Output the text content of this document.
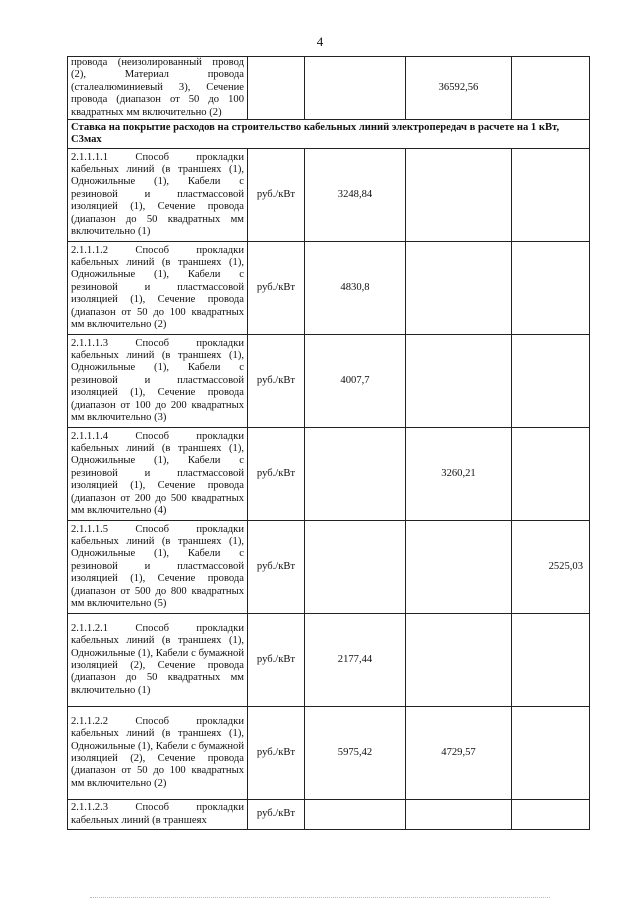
4
провода (неизолированный провод (2), Материал провода (сталеалюминиевый 3), Сечение провода (диапазон от 50 до 100 квадратных мм включительно (2)			36592,56	
Ставка на покрытие расходов на строительство кабельных линий электропередач в расчете на 1 кВт, С3мах				
2.1.1.1.1 Способ прокладки кабельных линий (в траншеях (1), Одножильные (1), Кабели с резиновой и пластмассовой изоляцией (1), Сечение провода (диапазон до 50 квадратных мм включительно (1)	руб./кВт	3248,84		
2.1.1.1.2 Способ прокладки кабельных линий (в траншеях (1), Одножильные (1), Кабели с резиновой и пластмассовой изоляцией (1), Сечение провода (диапазон от 50 до 100 квадратных мм включительно (2)	руб./кВт	4830,8		
2.1.1.1.3 Способ прокладки кабельных линий (в траншеях (1), Одножильные (1), Кабели с резиновой и пластмассовой изоляцией (1), Сечение провода (диапазон от 100 до 200 квадратных мм включительно (3)	руб./кВт	4007,7		
2.1.1.1.4 Способ прокладки кабельных линий (в траншеях (1), Одножильные (1), Кабели с резиновой и пластмассовой изоляцией (1), Сечение провода (диапазон от 200 до 500 квадратных мм включительно (4)	руб./кВт		3260,21	
2.1.1.1.5 Способ прокладки кабельных линий (в траншеях (1), Одножильные (1), Кабели с резиновой и пластмассовой изоляцией (1), Сечение провода (диапазон от 500 до 800 квадратных мм включительно (5)	руб./кВт			2525,03
2.1.1.2.1 Способ прокладки кабельных линий (в траншеях (1), Одножильные (1), Кабели с бумажной изоляцией (2), Сечение провода (диапазон до 50 квадратных мм включительно (1)	руб./кВт	2177,44		
2.1.1.2.2 Способ прокладки кабельных линий (в траншеях (1), Одножильные (1), Кабели с бумажной изоляцией (2), Сечение провода (диапазон от 50 до 100 квадратных мм включительно (2)	руб./кВт	5975,42	4729,57	
2.1.1.2.3 Способ прокладки кабельных линий (в траншеях	руб./кВт			
